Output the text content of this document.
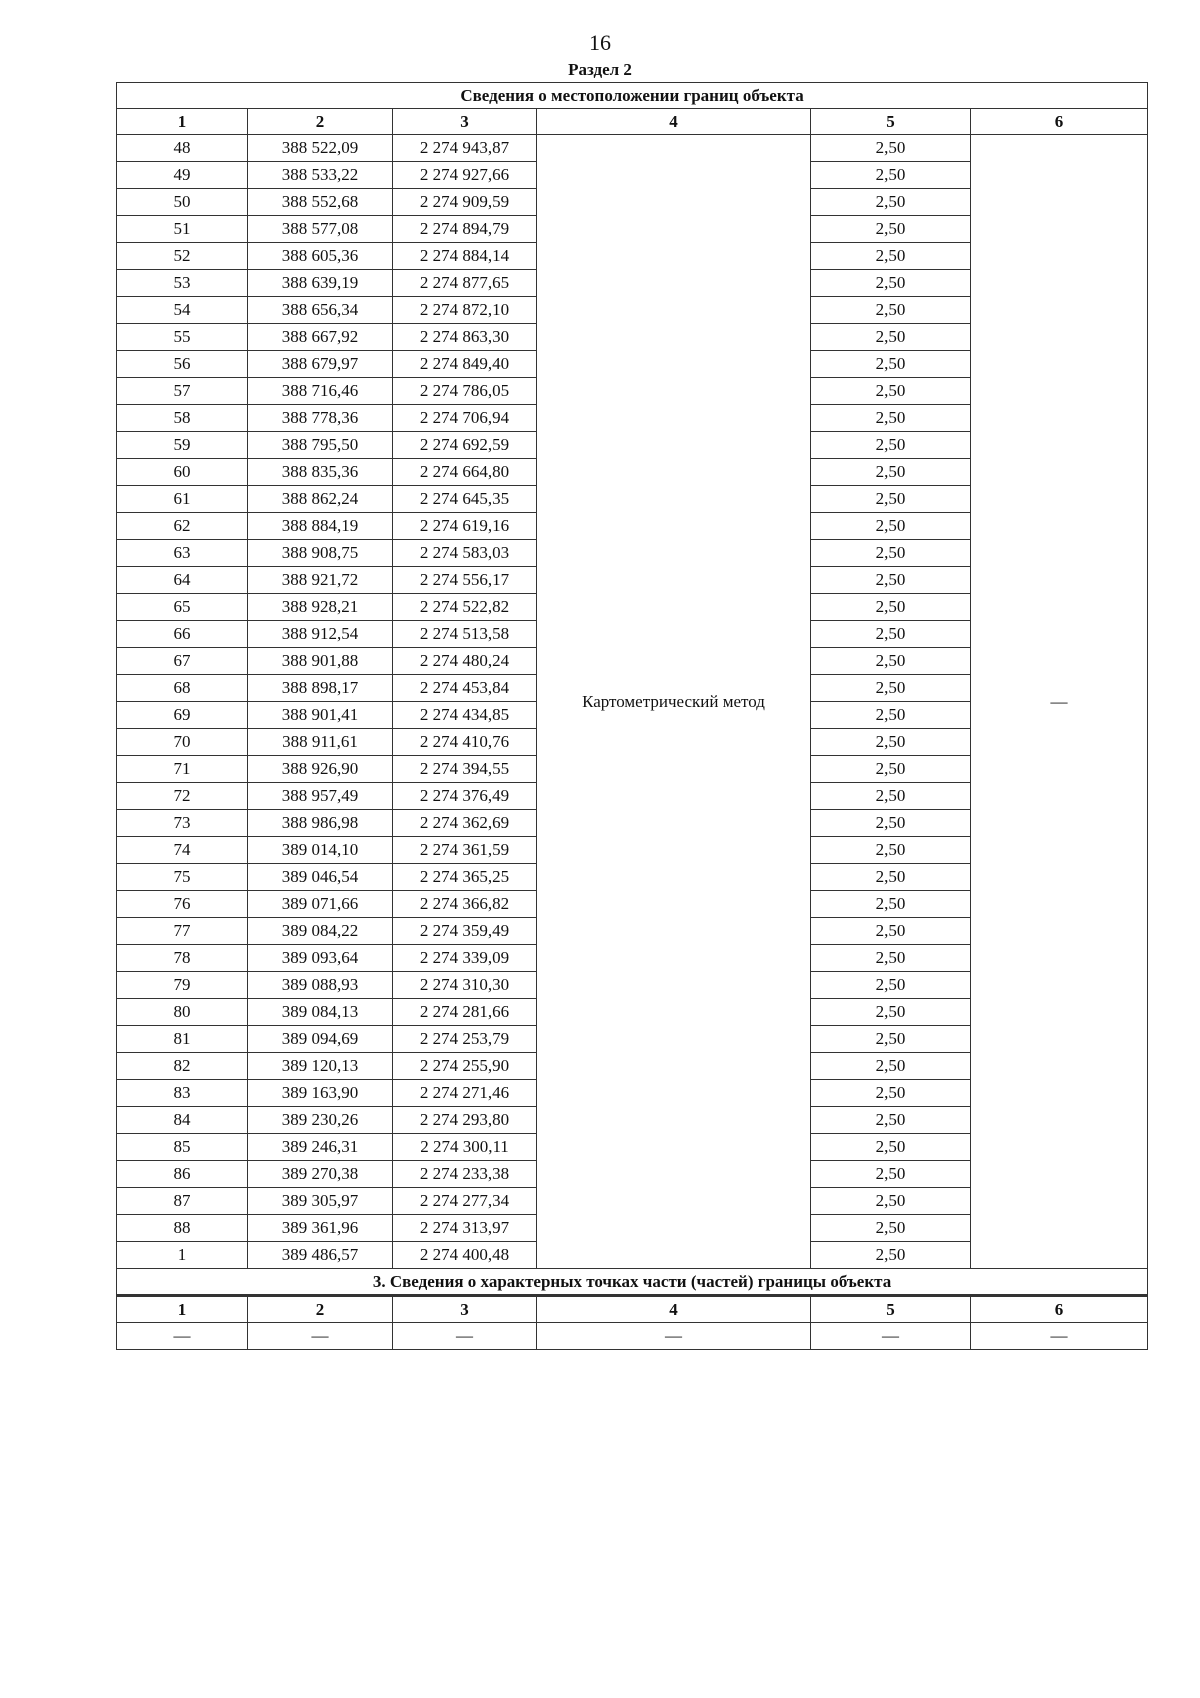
16
Раздел 2
Сведения о местоположении границ объекта					
1	2	3	4	5	6
48	388 522,09	2 274 943,87	Картометрический метод	2,50	—
49	388 533,22	2 274 927,66		2,50	
50	388 552,68	2 274 909,59		2,50	
51	388 577,08	2 274 894,79		2,50	
52	388 605,36	2 274 884,14		2,50	
53	388 639,19	2 274 877,65		2,50	
54	388 656,34	2 274 872,10		2,50	
55	388 667,92	2 274 863,30		2,50	
56	388 679,97	2 274 849,40		2,50	
57	388 716,46	2 274 786,05		2,50	
58	388 778,36	2 274 706,94		2,50	
59	388 795,50	2 274 692,59		2,50	
60	388 835,36	2 274 664,80		2,50	
61	388 862,24	2 274 645,35		2,50	
62	388 884,19	2 274 619,16		2,50	
63	388 908,75	2 274 583,03		2,50	
64	388 921,72	2 274 556,17		2,50	
65	388 928,21	2 274 522,82		2,50	
66	388 912,54	2 274 513,58		2,50	
67	388 901,88	2 274 480,24		2,50	
68	388 898,17	2 274 453,84		2,50	
69	388 901,41	2 274 434,85		2,50	
70	388 911,61	2 274 410,76		2,50	
71	388 926,90	2 274 394,55		2,50	
72	388 957,49	2 274 376,49		2,50	
73	388 986,98	2 274 362,69		2,50	
74	389 014,10	2 274 361,59		2,50	
75	389 046,54	2 274 365,25		2,50	
76	389 071,66	2 274 366,82		2,50	
77	389 084,22	2 274 359,49		2,50	
78	389 093,64	2 274 339,09		2,50	
79	389 088,93	2 274 310,30		2,50	
80	389 084,13	2 274 281,66		2,50	
81	389 094,69	2 274 253,79		2,50	
82	389 120,13	2 274 255,90		2,50	
83	389 163,90	2 274 271,46		2,50	
84	389 230,26	2 274 293,80		2,50	
85	389 246,31	2 274 300,11		2,50	
86	389 270,38	2 274 233,38		2,50	
87	389 305,97	2 274 277,34		2,50	
88	389 361,96	2 274 313,97		2,50	
1	389 486,57	2 274 400,48		2,50	
3. Сведения о характерных точках части (частей) границы объекта					
1	2	3	4	5	6
—	—	—	—	—	—
